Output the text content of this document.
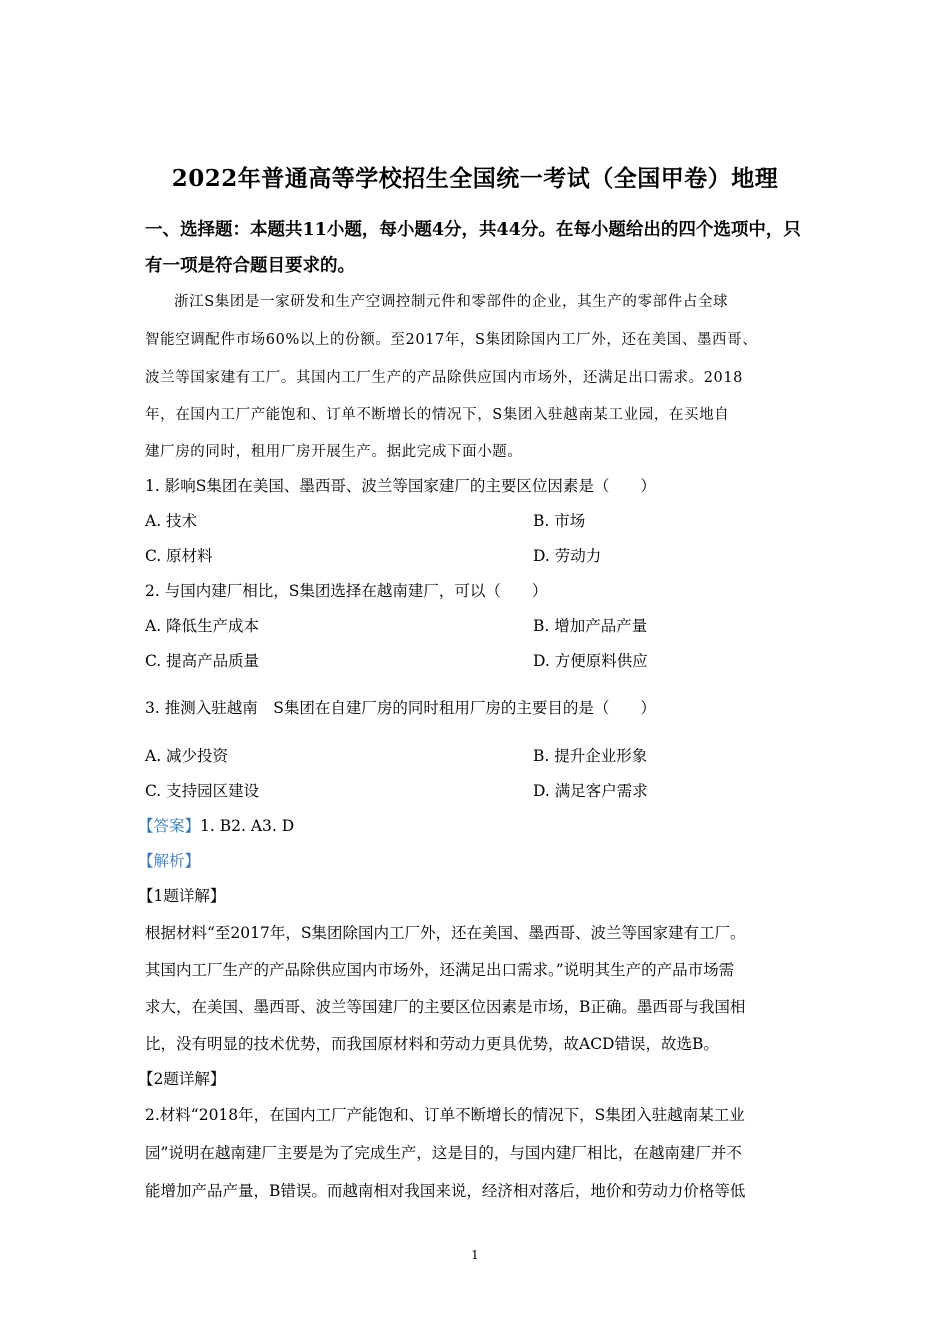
2022年普通高等学校招生全国统一考试（全国甲卷）地理
一、选择题：本题共11小题，每小题4分，共44分。在每小题给出的四个选项中，只有一项是符合题目要求的。
浙江S集团是一家研发和生产空调控制元件和零部件的企业，其生产的零部件占全球
智能空调配件市场60%以上的份额。至2017年，S集团除国内工厂外，还在美国、墨西哥、
波兰等国家建有工厂。其国内工厂生产的产品除供应国内市场外，还满足出口需求。2018
年，在国内工厂产能饱和、订单不断增长的情况下，S集团入驻越南某工业园，在买地自
建厂房的同时，租用厂房开展生产。据此完成下面小题。
1. 影响S集团在美国、墨西哥、波兰等国家建厂的主要区位因素是（　　）
A. 技术	B. 市场
C. 原材料	D. 劳动力
2. 与国内建厂相比，S集团选择在越南建厂，可以（　　）
A. 降低生产成本	B. 增加产品产量
C. 提高产品质量	D. 方便原料供应
3. 推测入驻越南　S集团在自建厂房的同时租用厂房的主要目的是（　　）
A. 减少投资	B. 提升企业形象
C. 支持园区建设	D. 满足客户需求
【答案】1. B2. A3. D
【解析】
【1题详解】
根据材料“至2017年，S集团除国内工厂外，还在美国、墨西哥、波兰等国家建有工厂。
其国内工厂生产的产品除供应国内市场外，还满足出口需求。”说明其生产的产品市场需
求大，在美国、墨西哥、波兰等国建厂的主要区位因素是市场，B正确。墨西哥与我国相
比，没有明显的技术优势，而我国原材料和劳动力更具优势，故ACD错误，故选B。
【2题详解】
2.材料“2018年，在国内工厂产能饱和、订单不断增长的情况下，S集团入驻越南某工业
园”说明在越南建厂主要是为了完成生产，这是目的，与国内建厂相比，在越南建厂并不
能增加产品产量，B错误。而越南相对我国来说，经济相对落后，地价和劳动力价格等低
1
